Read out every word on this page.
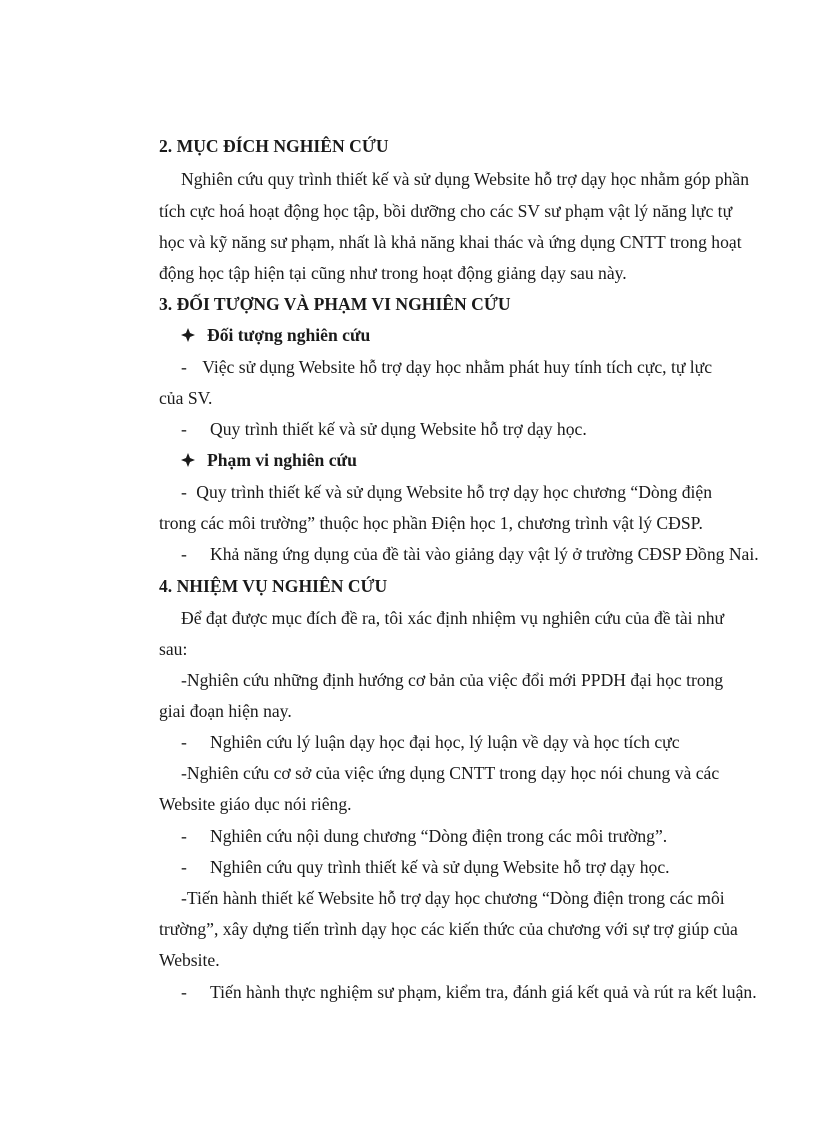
2. MỤC ĐÍCH NGHIÊN CỨU
Nghiên cứu quy trình thiết kế và sử dụng Website hỗ trợ dạy học nhằm góp phần
tích cực hoá hoạt động học tập, bồi dưỡng cho các SV sư phạm vật lý năng lực tự
học và kỹ năng sư phạm, nhất là khả năng khai thác và ứng dụng CNTT trong hoạt
động học tập hiện tại cũng như trong hoạt động giảng dạy sau này.
3. ĐỐI TƯỢNG VÀ PHẠM VI NGHIÊN CỨU
Đối tượng nghiên cứu
- Việc sử dụng Website hỗ trợ dạy học nhằm phát huy tính tích cực, tự lực
của SV.
- Quy trình thiết kế và sử dụng Website hỗ trợ dạy học.
Phạm vi nghiên cứu
- Quy trình thiết kế và sử dụng Website hỗ trợ dạy học chương “Dòng điện
trong các môi trường” thuộc học phần Điện học 1, chương trình vật lý CĐSP.
- Khả năng ứng dụng của đề tài vào giảng dạy vật lý ở trường CĐSP Đồng Nai.
4. NHIỆM VỤ NGHIÊN CỨU
Để đạt được mục đích đề ra, tôi xác định nhiệm vụ nghiên cứu của đề tài như
sau:
- Nghiên cứu những định hướng cơ bản của việc đổi mới PPDH đại học trong
giai đoạn hiện nay.
- Nghiên cứu lý luận dạy học đại học, lý luận về dạy và học tích cực
- Nghiên cứu cơ sở của việc ứng dụng CNTT trong dạy học nói chung và các
Website giáo dục nói riêng.
- Nghiên cứu nội dung chương “Dòng điện trong các môi trường”.
- Nghiên cứu quy trình thiết kế và sử dụng Website hỗ trợ dạy học.
- Tiến hành thiết kế Website hỗ trợ dạy học chương “Dòng điện trong các môi
trường”, xây dựng tiến trình dạy học các kiến thức của chương với sự trợ giúp của
Website.
- Tiến hành thực nghiệm sư phạm, kiểm tra, đánh giá kết quả và rút ra kết luận.
